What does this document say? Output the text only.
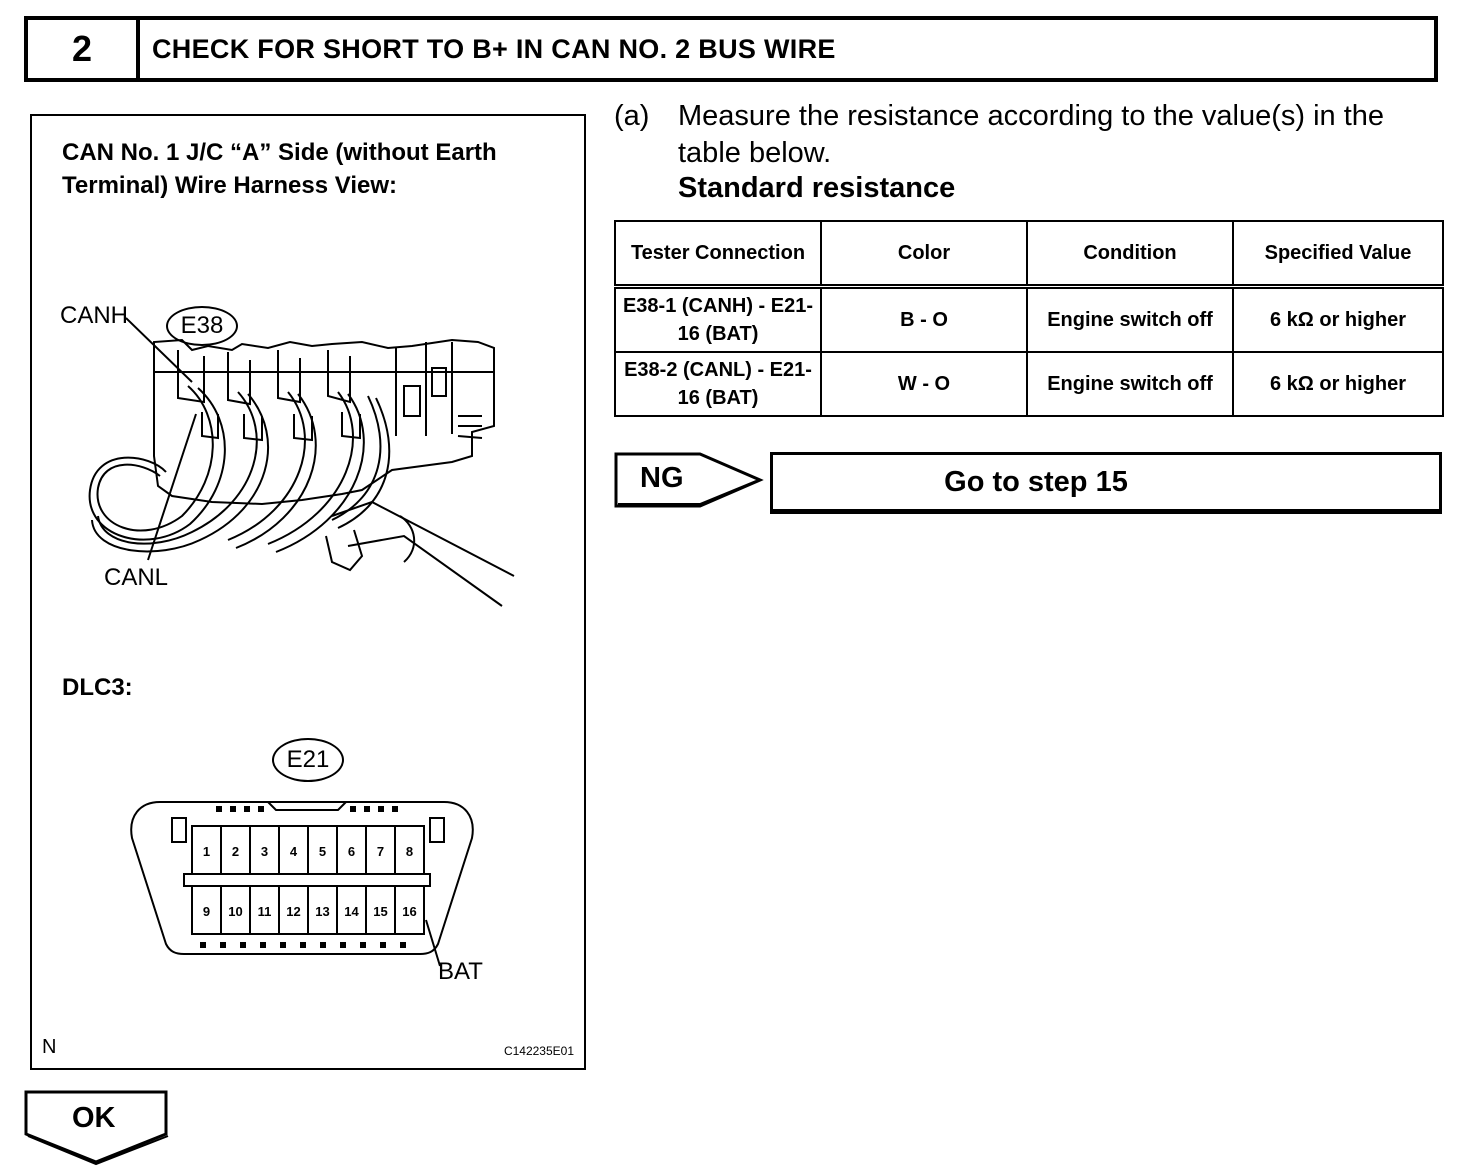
2	CHECK FOR SHORT TO B+ IN CAN NO. 2 BUS WIRE
CAN No. 1 J/C “A” Side (without Earth Terminal) Wire Harness View:
1 2 3 4 5 6 7 8
9 10 11 12 13 14 15 16
CANH	E38
CANL
DLC3:
E21
BAT
N	C142235E01
(a) Measure the resistance according to the value(s) in the table below.
Standard resistance
Tester Connection	Color	Condition	Specified Value
E38-1 (CANH) - E21-16 (BAT)	B - O	Engine switch off	6 kΩ or higher
E38-2 (CANL) - E21-16 (BAT)	W - O	Engine switch off	6 kΩ or higher
NG	Go to step 15
OK
